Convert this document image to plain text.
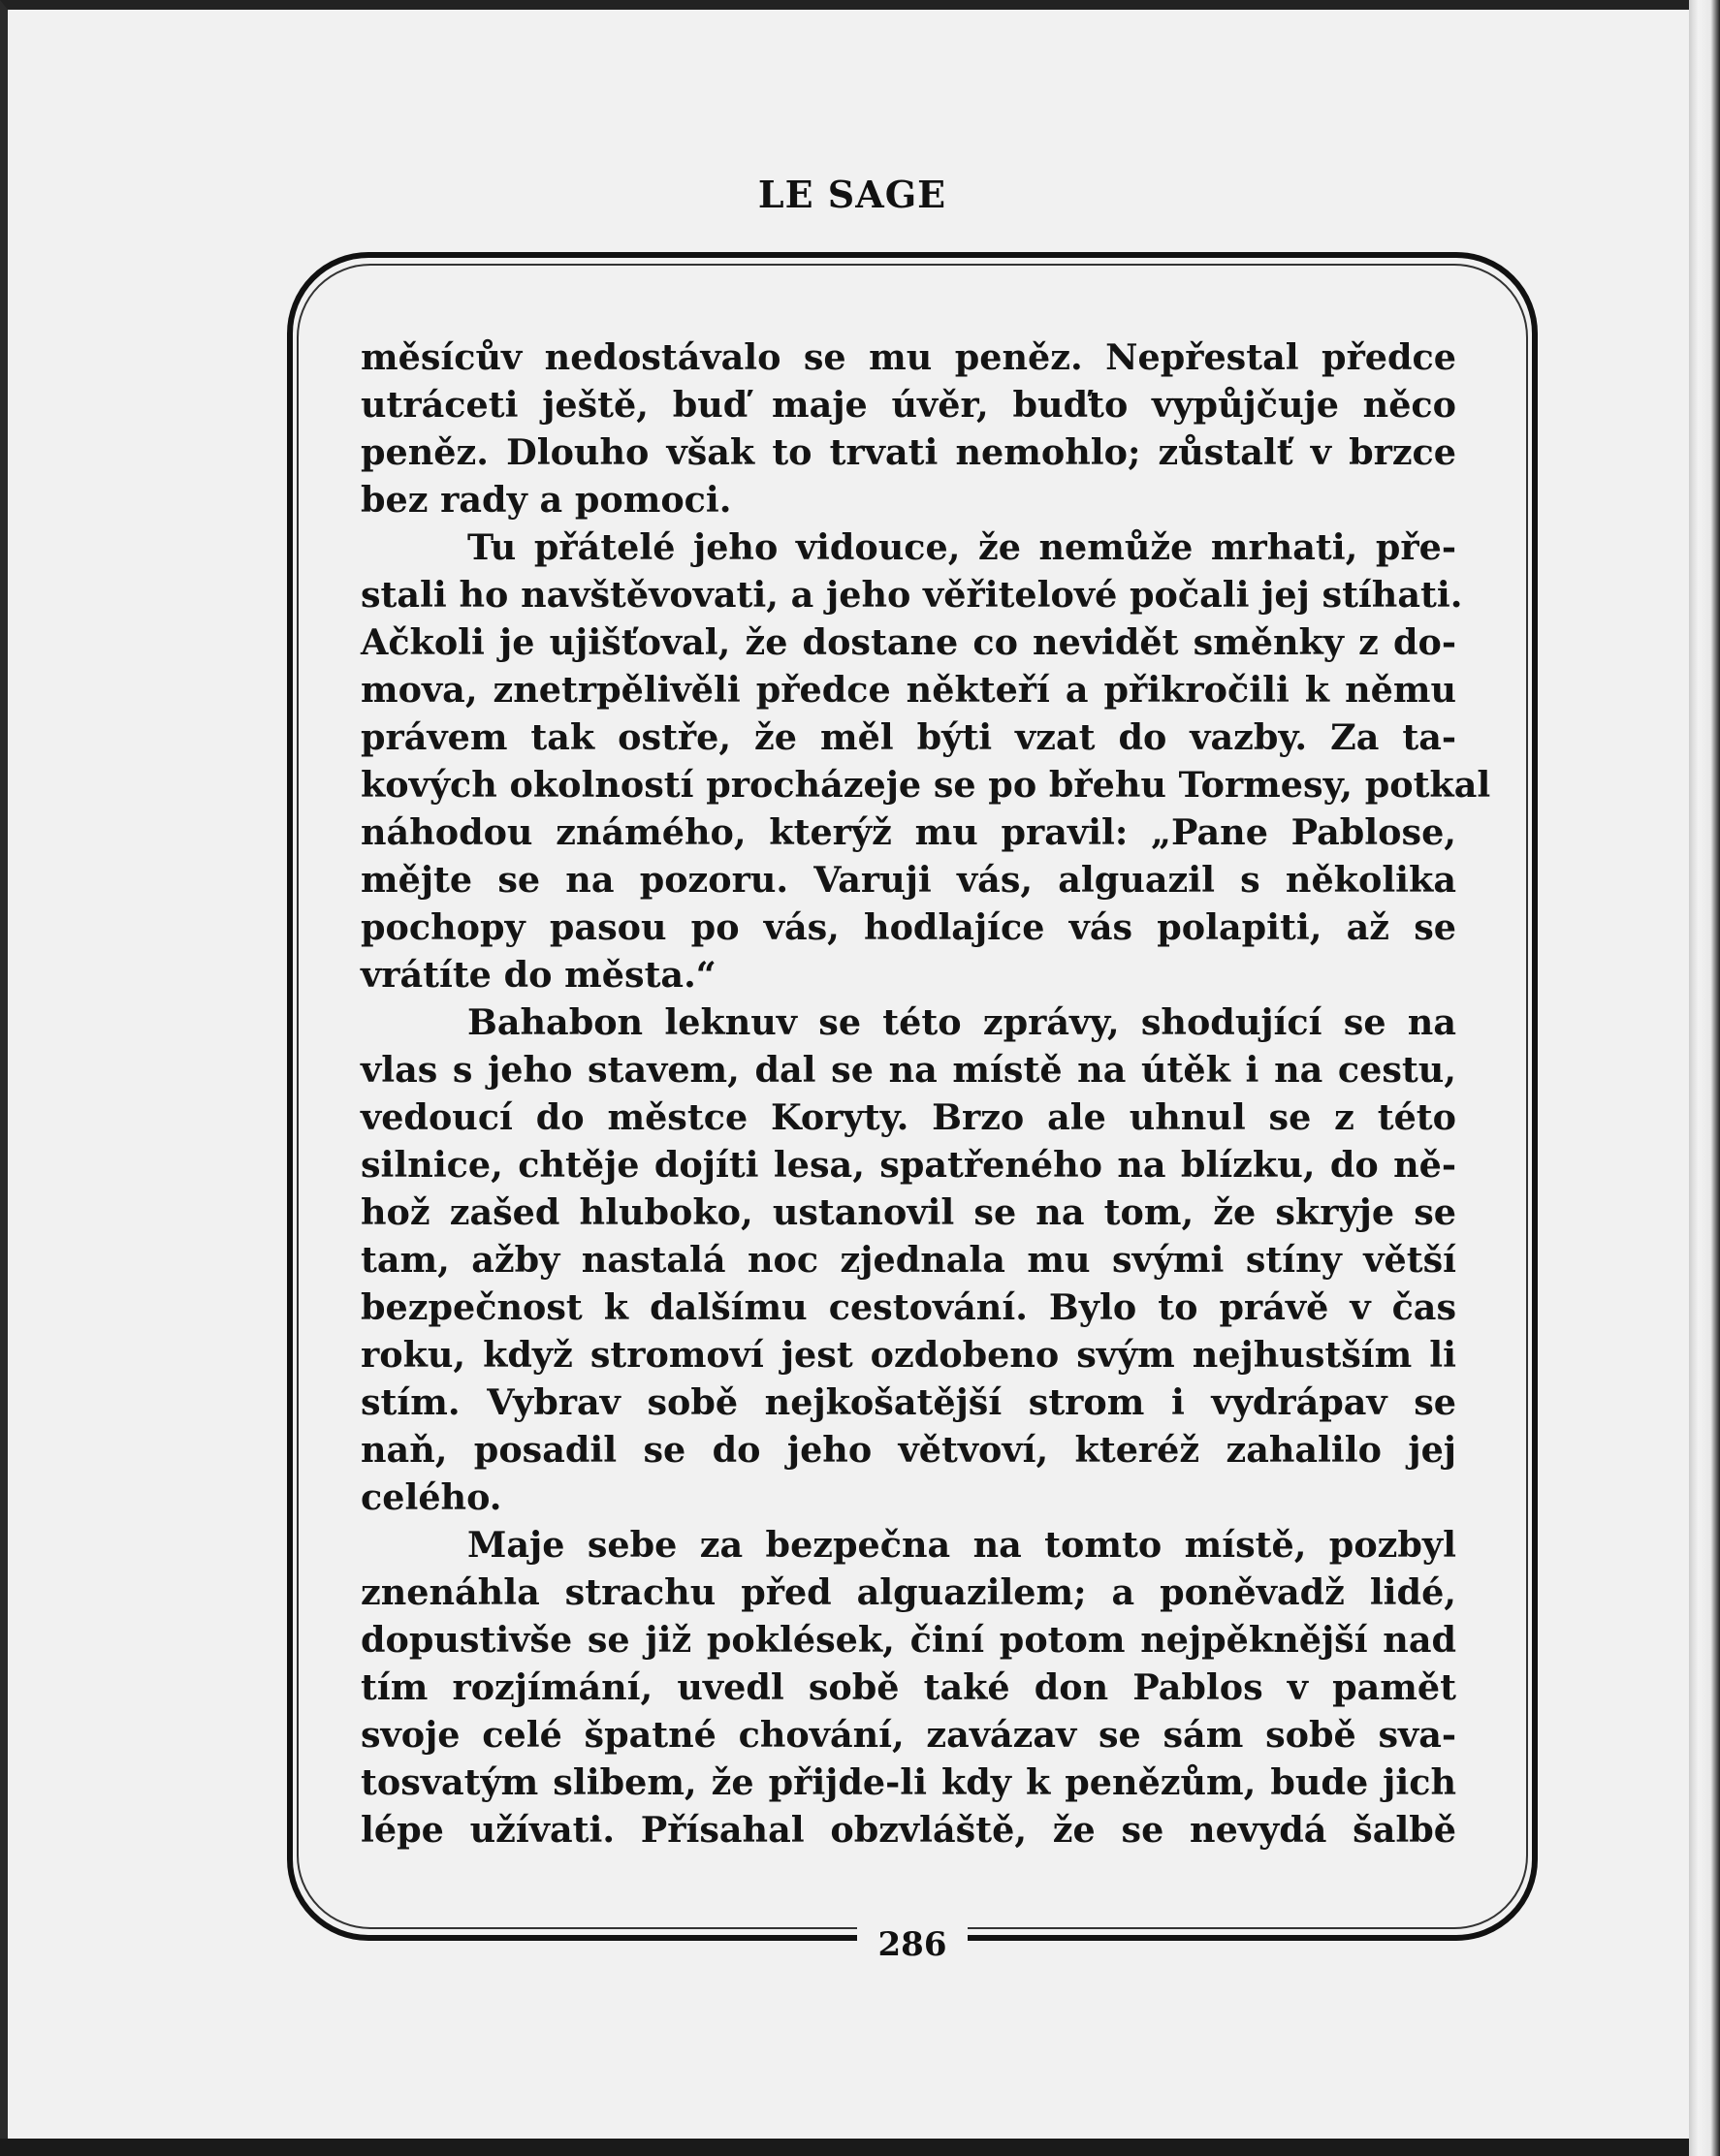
LE SAGE
měsícův nedostávalo se mu peněz. Nepřestal předce
utráceti ještě, buď maje úvěr, buďto vypůjčuje něco
peněz. Dlouho však to trvati nemohlo; zůstalť v brzce
bez rady a pomoci.
Tu přátelé jeho vidouce, že nemůže mrhati, pře-
stali ho navštěvovati, a jeho věřitelové počali jej stíhati.
Ačkoli je ujišťoval, že dostane co nevidět směnky z do-
mova, znetrpělivěli předce někteří a přikročili k němu
právem tak ostře, že měl býti vzat do vazby. Za ta-
kových okolností procházeje se po břehu Tormesy, potkal
náhodou známého, kterýž mu pravil: „Pane Pablose,
mějte se na pozoru. Varuji vás, alguazil s několika
pochopy pasou po vás, hodlajíce vás polapiti, až se
vrátíte do města.“
Bahabon leknuv se této zprávy, shodující se na
vlas s jeho stavem, dal se na místě na útěk i na cestu,
vedoucí do městce Koryty. Brzo ale uhnul se z této
silnice, chtěje dojíti lesa, spatřeného na blízku, do ně-
hož zašed hluboko, ustanovil se na tom, že skryje se
tam, ažby nastalá noc zjednala mu svými stíny větší
bezpečnost k dalšímu cestování. Bylo to právě v čas
roku, když stromoví jest ozdobeno svým nejhustším li
stím. Vybrav sobě nejkošatější strom i vydrápav se
naň, posadil se do jeho větvoví, kteréž zahalilo jej
celého.
Maje sebe za bezpečna na tomto místě, pozbyl
znenáhla strachu před alguazilem; a poněvadž lidé,
dopustivše se již poklések, činí potom nejpěknější nad
tím rozjímání, uvedl sobě také don Pablos v pamět
svoje celé špatné chování, zavázav se sám sobě sva-
tosvatým slibem, že přijde-li kdy k penězům, bude jich
lépe užívati. Přísahal obzvláště, že se nevydá šalbě
286
